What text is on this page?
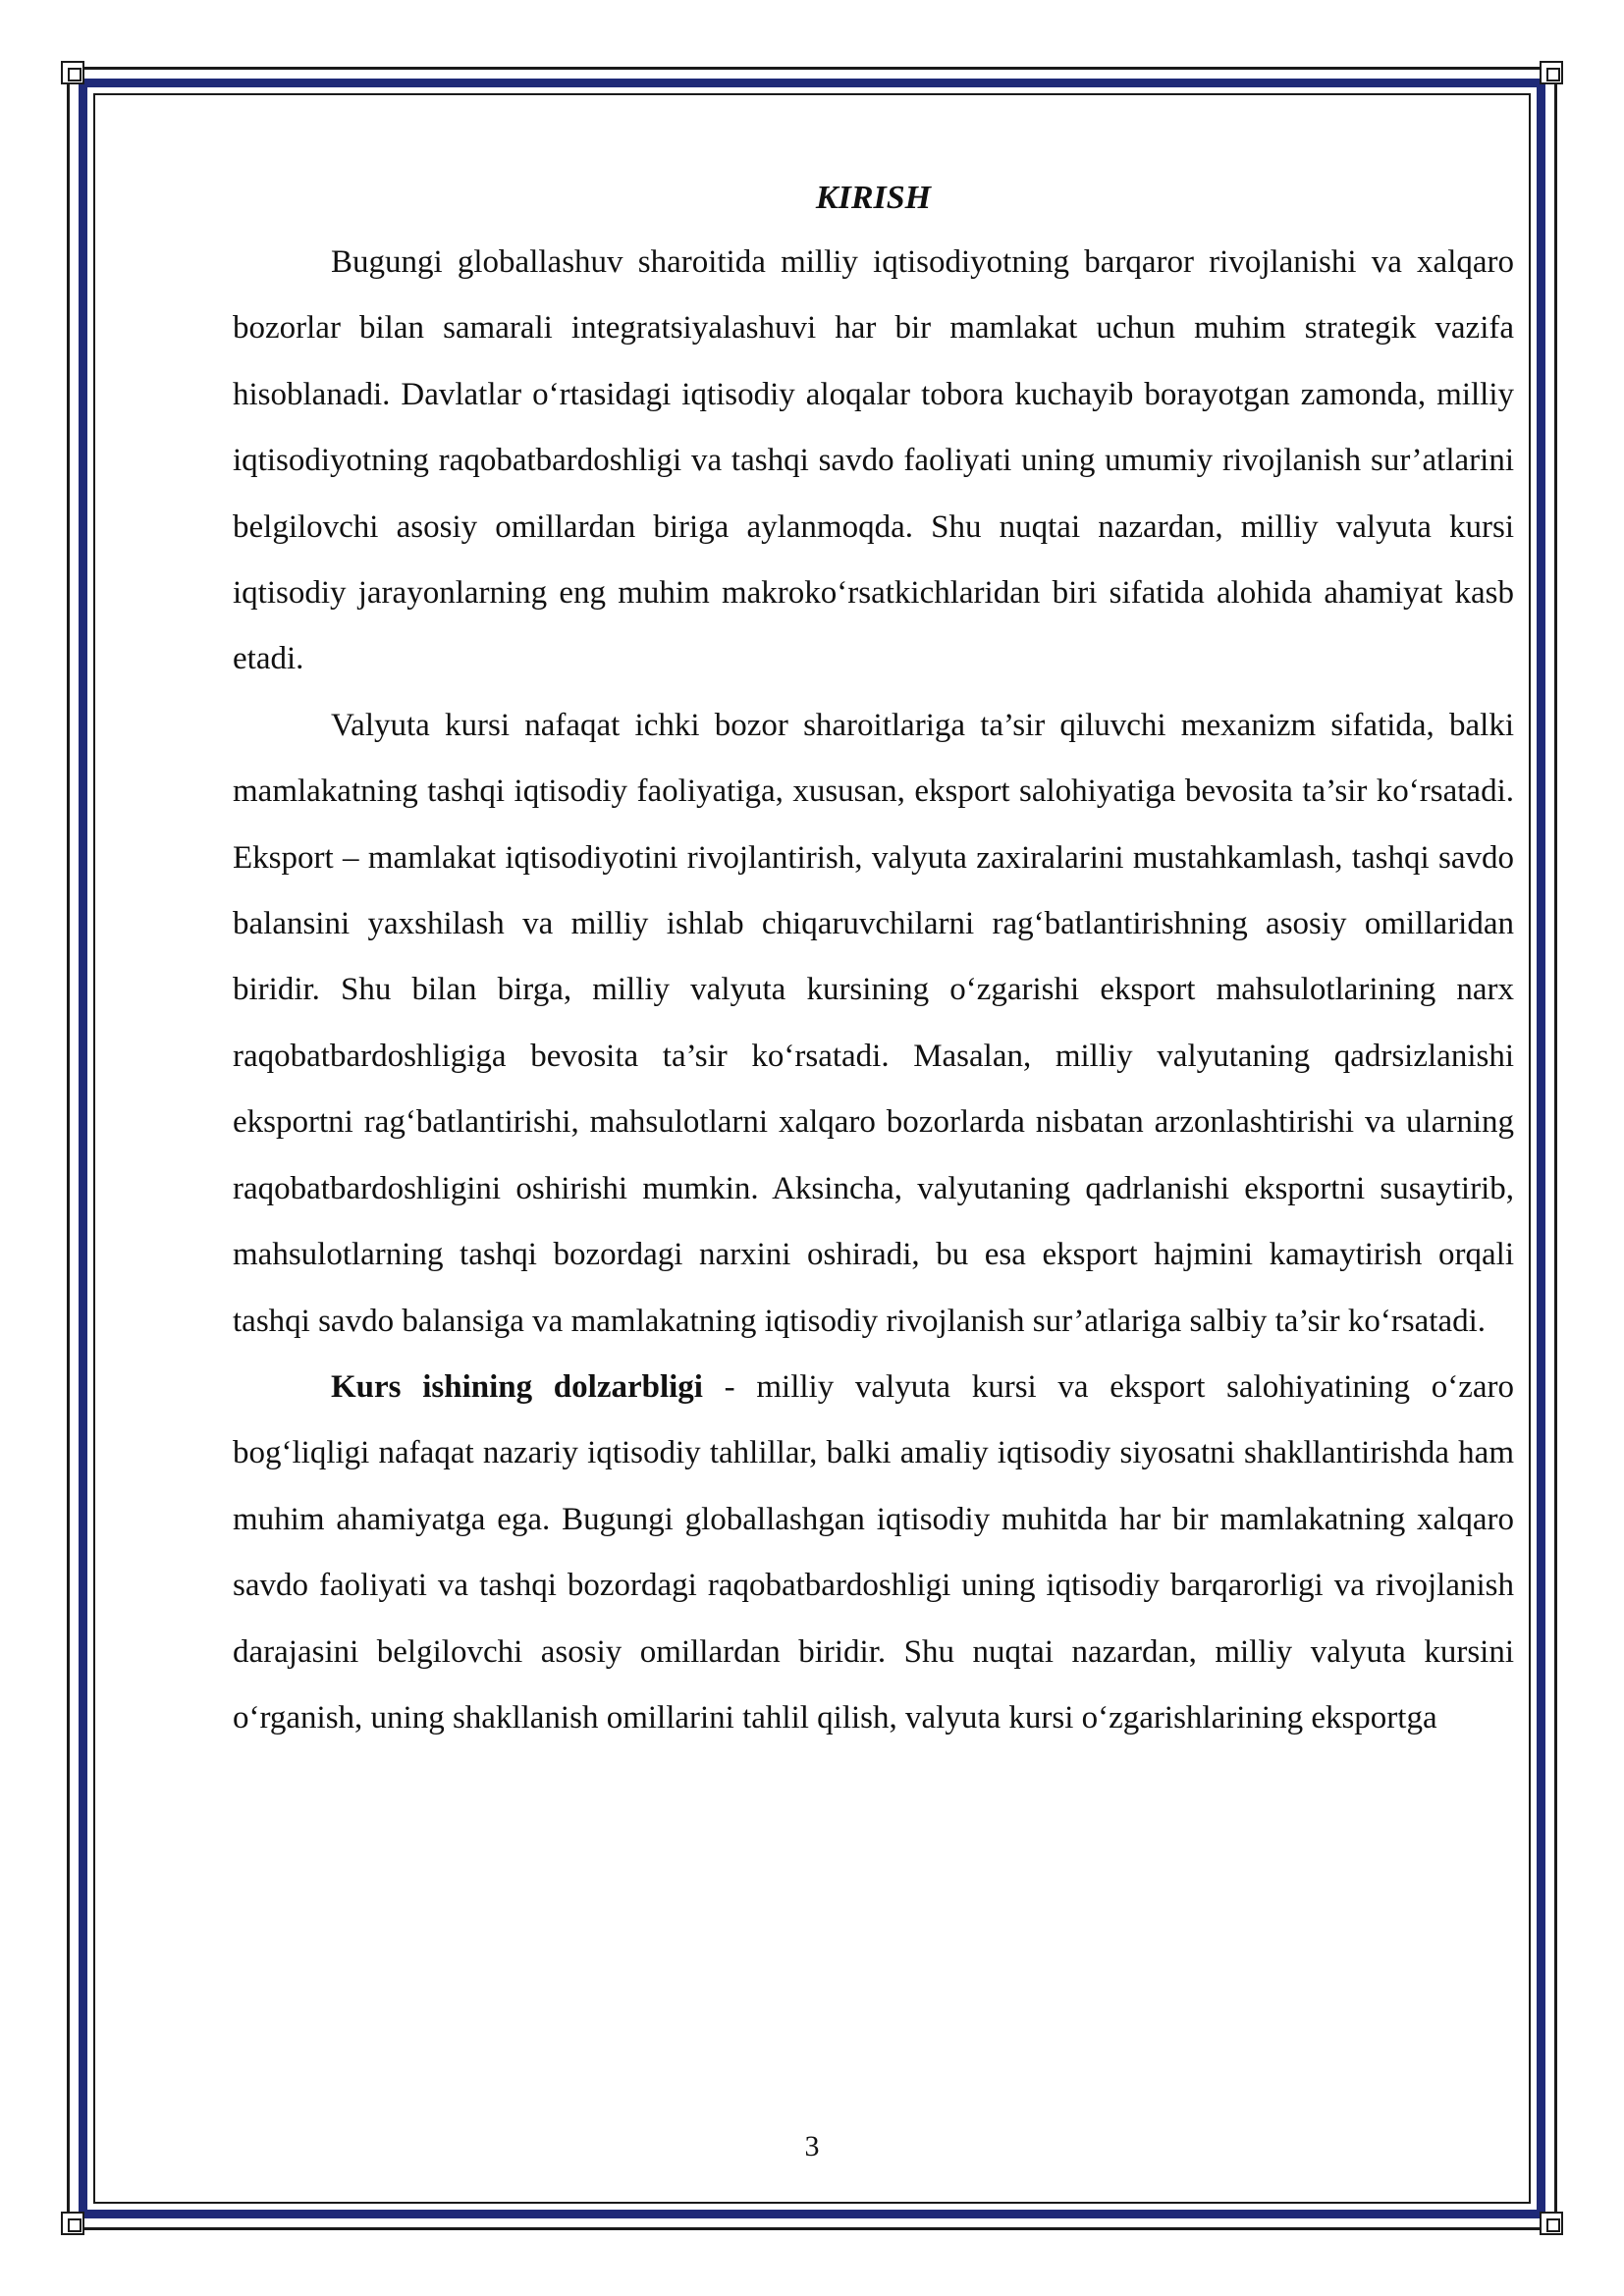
KIRISH

Bugungi globallashuv sharoitida milliy iqtisodiyotning barqaror rivojlanishi va xalqaro bozorlar bilan samarali integratsiyalashuvi har bir mamlakat uchun muhim strategik vazifa hisoblanadi. Davlatlar o‘rtasidagi iqtisodiy aloqalar tobora kuchayib borayotgan zamonda, milliy iqtisodiyotning raqobatbardoshligi va tashqi savdo faoliyati uning umumiy rivojlanish sur’atlarini belgilovchi asosiy omillardan biriga aylanmoqda. Shu nuqtai nazardan, milliy valyuta kursi iqtisodiy jarayonlarning eng muhim makroko‘rsatkichlaridan biri sifatida alohida ahamiyat kasb etadi.

Valyuta kursi nafaqat ichki bozor sharoitlariga ta’sir qiluvchi mexanizm sifatida, balki mamlakatning tashqi iqtisodiy faoliyatiga, xususan, eksport salohiyatiga bevosita ta’sir ko‘rsatadi. Eksport – mamlakat iqtisodiyotini rivojlantirish, valyuta zaxiralarini mustahkamlash, tashqi savdo balansini yaxshilash va milliy ishlab chiqaruvchilarni rag‘batlantirishning asosiy omillaridan biridir. Shu bilan birga, milliy valyuta kursining o‘zgarishi eksport mahsulotlarining narx raqobatbardoshligiga bevosita ta’sir ko‘rsatadi. Masalan, milliy valyutaning qadrsizlanishi eksportni rag‘batlantirishi, mahsulotlarni xalqaro bozorlarda nisbatan arzonlashtirishi va ularning raqobatbardoshligini oshirishi mumkin. Aksincha, valyutaning qadrlanishi eksportni susaytirib, mahsulotlarning tashqi bozordagi narxini oshiradi, bu esa eksport hajmini kamaytirish orqali tashqi savdo balansiga va mamlakatning iqtisodiy rivojlanish sur’atlariga salbiy ta’sir ko‘rsatadi.

Kurs ishining dolzarbligi - milliy valyuta kursi va eksport salohiyatining o‘zaro bog‘liqligi nafaqat nazariy iqtisodiy tahlillar, balki amaliy iqtisodiy siyosatni shakllantirishda ham muhim ahamiyatga ega. Bugungi globallashgan iqtisodiy muhitda har bir mamlakatning xalqaro savdo faoliyati va tashqi bozordagi raqobatbardoshligi uning iqtisodiy barqarorligi va rivojlanish darajasini belgilovchi asosiy omillardan biridir. Shu nuqtai nazardan, milliy valyuta kursini o‘rganish, uning shakllanish omillarini tahlil qilish, valyuta kursi o‘zgarishlarining eksportga

3
